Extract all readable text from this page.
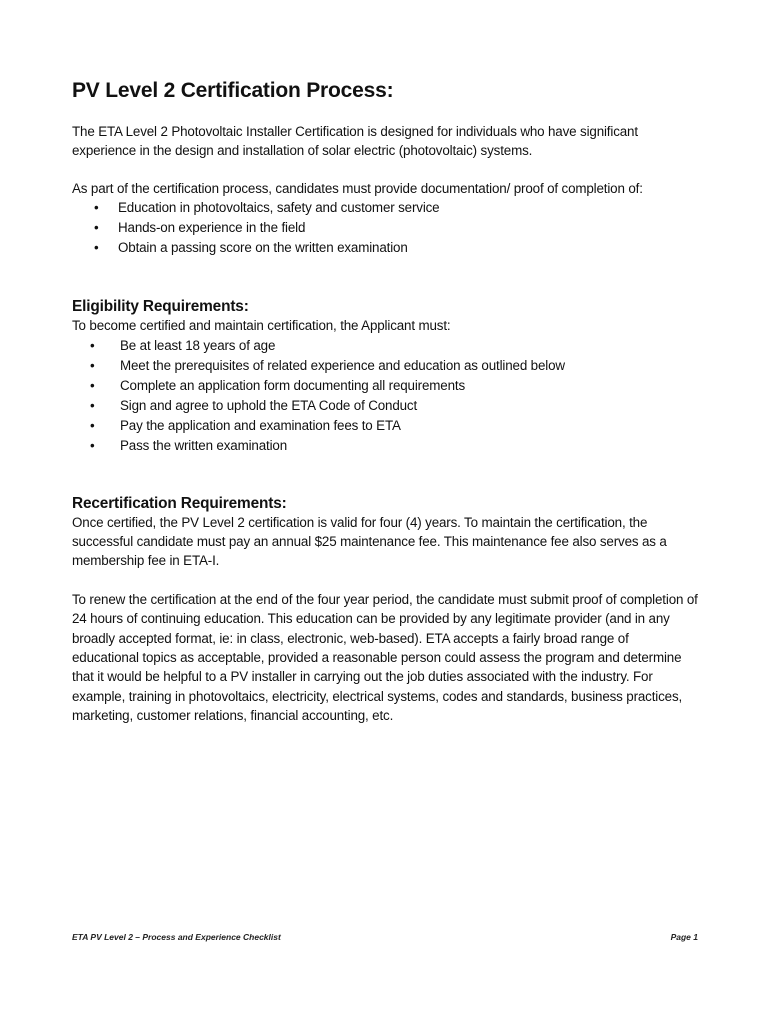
PV Level 2 Certification Process:

The ETA Level 2 Photovoltaic Installer Certification is designed for individuals who have significant experience in the design and installation of solar electric (photovoltaic) systems.

As part of the certification process, candidates must provide documentation/ proof of completion of:

• Education in photovoltaics, safety and customer service
• Hands-on experience in the field
• Obtain a passing score on the written examination
Eligibility Requirements:

To become certified and maintain certification, the Applicant must:

• Be at least 18 years of age
• Meet the prerequisites of related experience and education as outlined below
• Complete an application form documenting all requirements
• Sign and agree to uphold the ETA Code of Conduct
• Pay the application and examination fees to ETA
• Pass the written examination
Recertification Requirements:

Once certified, the PV Level 2 certification is valid for four (4) years. To maintain the certification, the successful candidate must pay an annual $25 maintenance fee. This maintenance fee also serves as a membership fee in ETA-I.

To renew the certification at the end of the four year period, the candidate must submit proof of completion of 24 hours of continuing education. This education can be provided by any legitimate provider (and in any broadly accepted format, ie: in class, electronic, web-based). ETA accepts a fairly broad range of educational topics as acceptable, provided a reasonable person could assess the program and determine that it would be helpful to a PV installer in carrying out the job duties associated with the industry. For example, training in photovoltaics, electricity, electrical systems, codes and standards, business practices, marketing, customer relations, financial accounting, etc.

ETA PV Level 2 – Process and Experience Checklist	Page 1
